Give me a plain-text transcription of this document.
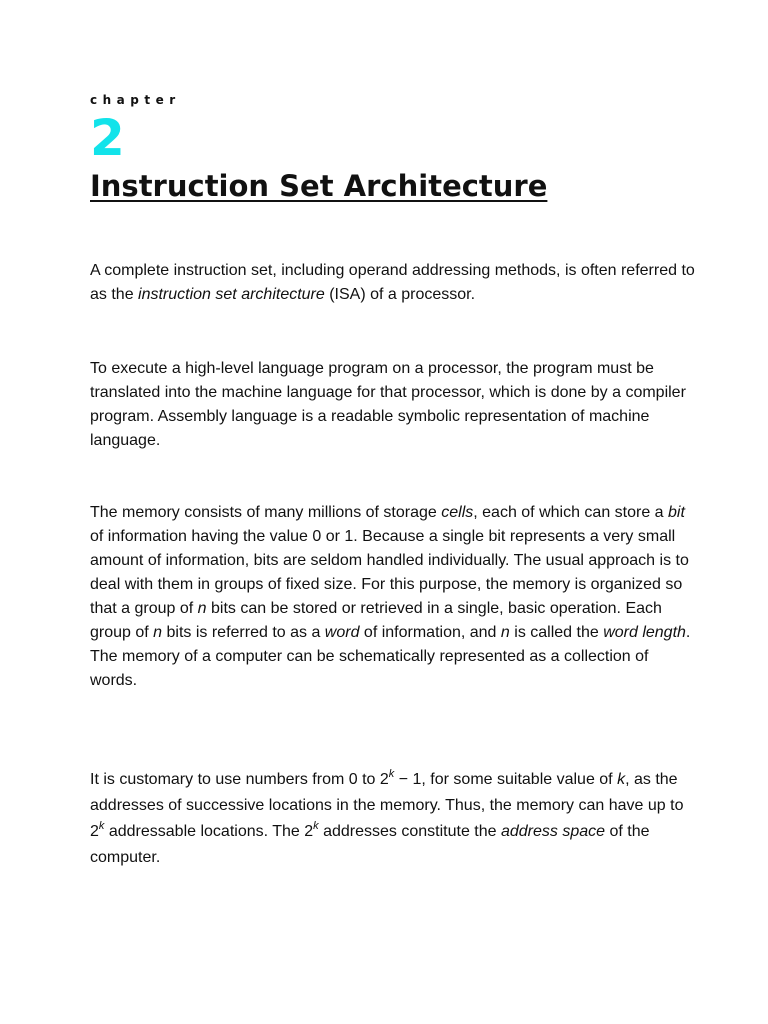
chapter
2
Instruction Set Architecture

A complete instruction set, including operand addressing methods, is often referred to as the instruction set architecture (ISA) of a processor.

To execute a high-level language program on a processor, the program must be translated into the machine language for that processor, which is done by a compiler program. Assembly language is a readable symbolic representation of machine language.

The memory consists of many millions of storage cells, each of which can store a bit of information having the value 0 or 1. Because a single bit represents a very small amount of information, bits are seldom handled individually. The usual approach is to deal with them in groups of fixed size. For this purpose, the memory is organized so that a group of n bits can be stored or retrieved in a single, basic operation. Each group of n bits is referred to as a word of information, and n is called the word length. The memory of a computer can be schematically represented as a collection of words.

It is customary to use numbers from 0 to $2^k - 1$, for some suitable value of k, as the addresses of successive locations in the memory. Thus, the memory can have up to 2$^k$ addressable locations. The 2$^k$ addresses constitute the address space of the computer.
